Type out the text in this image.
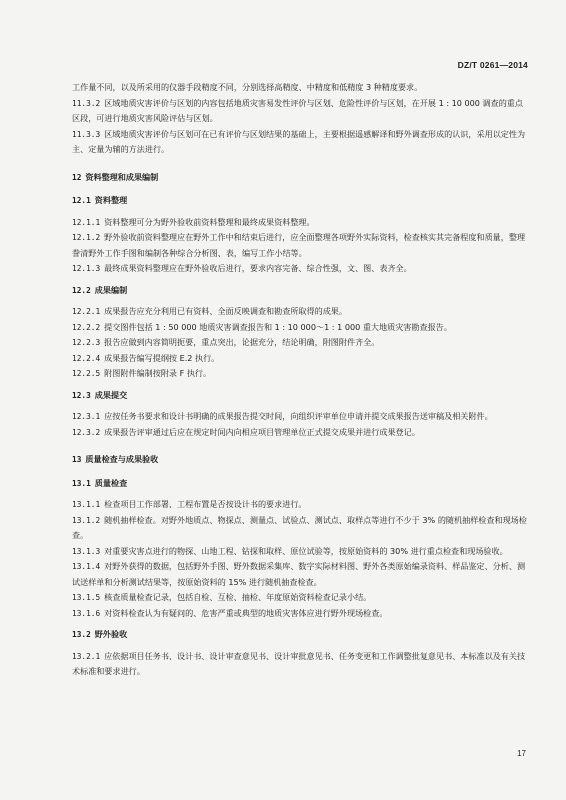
DZ/T 0261—2014
工作量不同，以及所采用的仪器手段精度不同，分别选择高精度、中精度和低精度 3 种精度要求。
11.3.2 区域地质灾害评价与区划的内容包括地质灾害易发性评价与区划、危险性评价与区划，在开展 1 : 10 000 调查的重点区段，可进行地质灾害风险评估与区划。
11.3.3 区域地质灾害评价与区划可在已有评价与区划结果的基础上，主要根据遥感解译和野外调查形成的认识，采用以定性为主、定量为辅的方法进行。
12 资料整理和成果编制
12.1 资料整理
12.1.1 资料整理可分为野外验收前资料整理和最终成果资料整理。
12.1.2 野外验收前资料整理应在野外工作中和结束后进行，应全面整理各项野外实际资料，检查核实其完备程度和质量，整理誊清野外工作手图和编制各种综合分析图、表，编写工作小结等。
12.1.3 最终成果资料整理应在野外验收后进行，要求内容完备、综合性强，文、图、表齐全。
12.2 成果编制
12.2.1 成果报告应充分利用已有资料、全面反映调查和勘查所取得的成果。
12.2.2 提交图件包括 1 : 50 000 地质灾害调查报告和 1 : 10 000～1 : 1 000 重大地质灾害勘查报告。
12.2.3 报告应做到内容简明扼要，重点突出，论据充分，结论明确，附图附件齐全。
12.2.4 成果报告编写提纲按 E.2 执行。
12.2.5 附图附件编制按附录 F 执行。
12.3 成果提交
12.3.1 应按任务书要求和设计书明确的成果报告提交时间，向组织评审单位申请并提交成果报告送审稿及相关附件。
12.3.2 成果报告评审通过后应在规定时间内向相应项目管理单位正式提交成果并进行成果登记。
13 质量检查与成果验收
13.1 质量检查
13.1.1 检查项目工作部署、工程布置是否按设计书的要求进行。
13.1.2 随机抽样检查。对野外地质点、物探点、测量点、试验点、测试点、取样点等进行不少于 3% 的随机抽样检查和现场检查。
13.1.3 对重要灾害点进行的物探、山地工程、钻探和取样、原位试验等，按原始资料的 30% 进行重点检查和现场验收。
13.1.4 对野外获得的数据，包括野外手图、野外数据采集库、数字实际材料图、野外各类原始编录资料、样品鉴定、分析、测试送样单和分析测试结果等，按原始资料的 15% 进行随机抽查检查。
13.1.5 核查质量检查记录，包括自检、互检、抽检、年度原始资料检查记录小结。
13.1.6 对资料检查认为有疑问的、危害严重或典型的地质灾害体应进行野外现场检查。
13.2 野外验收
13.2.1 应依据项目任务书、设计书、设计审查意见书、设计审批意见书、任务变更和工作调整批复意见书、本标准以及有关技术标准和要求进行。
17
